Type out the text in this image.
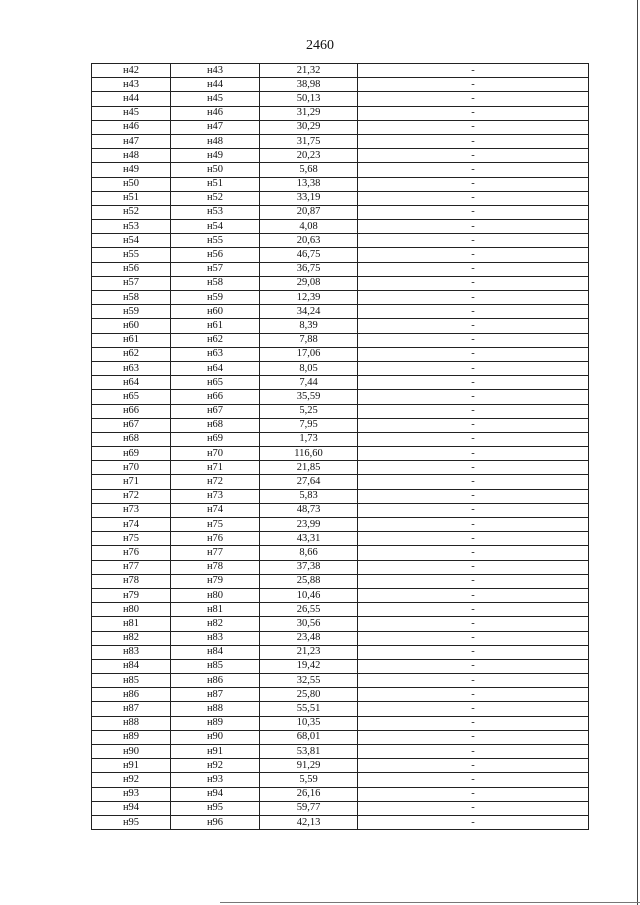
2460
н42	н43	21,32	-
н43	н44	38,98	-
н44	н45	50,13	-
н45	н46	31,29	-
н46	н47	30,29	-
н47	н48	31,75	-
н48	н49	20,23	-
н49	н50	5,68	-
н50	н51	13,38	-
н51	н52	33,19	-
н52	н53	20,87	-
н53	н54	4,08	-
н54	н55	20,63	-
н55	н56	46,75	-
н56	н57	36,75	-
н57	н58	29,08	-
н58	н59	12,39	-
н59	н60	34,24	-
н60	н61	8,39	-
н61	н62	7,88	-
н62	н63	17,06	-
н63	н64	8,05	-
н64	н65	7,44	-
н65	н66	35,59	-
н66	н67	5,25	-
н67	н68	7,95	-
н68	н69	1,73	-
н69	н70	116,60	-
н70	н71	21,85	-
н71	н72	27,64	-
н72	н73	5,83	-
н73	н74	48,73	-
н74	н75	23,99	-
н75	н76	43,31	-
н76	н77	8,66	-
н77	н78	37,38	-
н78	н79	25,88	-
н79	н80	10,46	-
н80	н81	26,55	-
н81	н82	30,56	-
н82	н83	23,48	-
н83	н84	21,23	-
н84	н85	19,42	-
н85	н86	32,55	-
н86	н87	25,80	-
н87	н88	55,51	-
н88	н89	10,35	-
н89	н90	68,01	-
н90	н91	53,81	-
н91	н92	91,29	-
н92	н93	5,59	-
н93	н94	26,16	-
н94	н95	59,77	-
н95	н96	42,13	-
